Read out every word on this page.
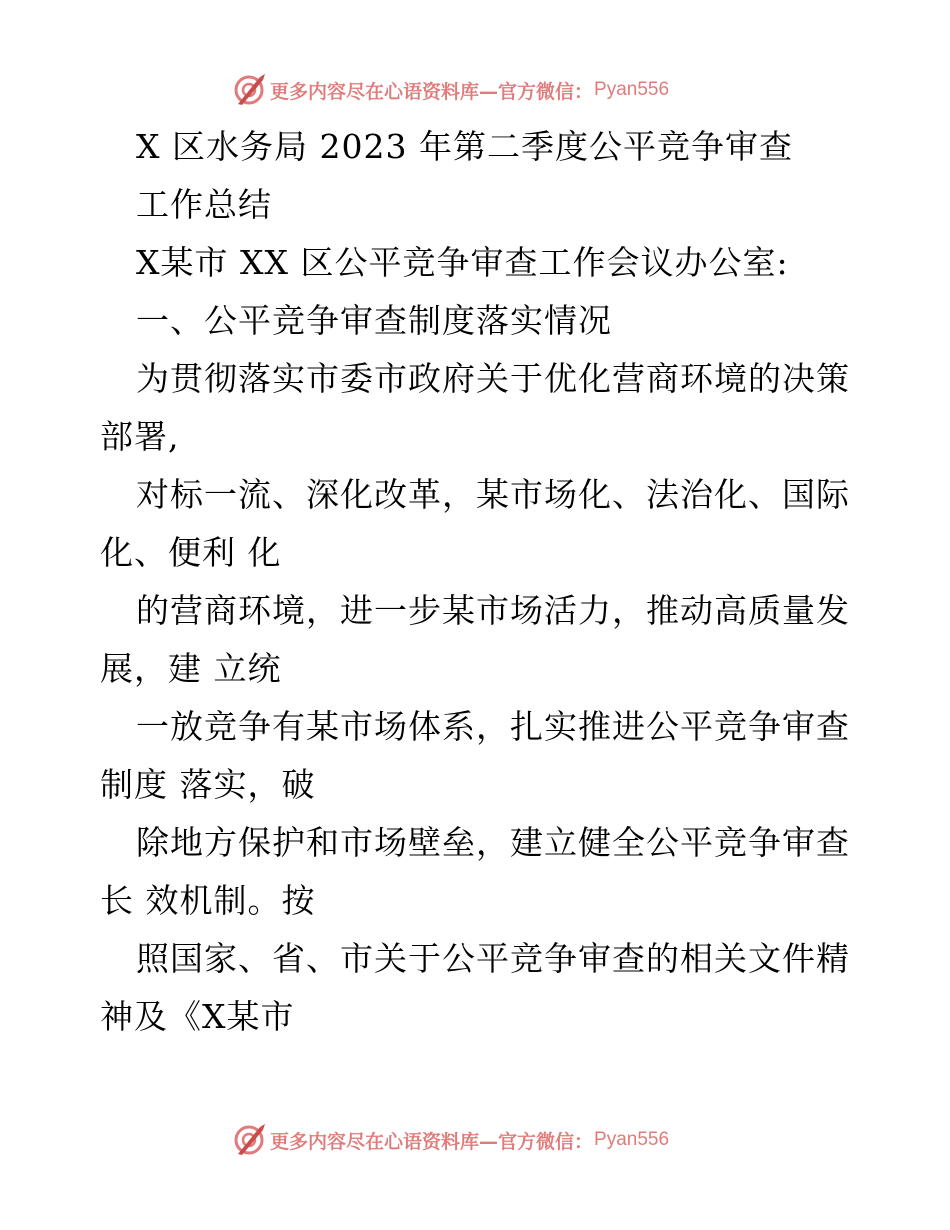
更多内容尽在心语资料库—官方微信： Pyan556
X 区水务局 2023 年第二季度公平竞争审查
工作总结
X某市 XX 区公平竞争审查工作会议办公室:
一、公平竞争审查制度落实情况
为贯彻落实市委市政府关于优化营商环境的决策
部署,
对标一流、深化改革，某市场化、法治化、国际
化、便利 化
的营商环境，进一步某市场活力，推动高质量发
展，建 立统
一放竞争有某市场体系，扎实推进公平竞争审查
制度 落实，破
除地方保护和市场壁垒，建立健全公平竞争审查
长 效机制。按
照国家、省、市关于公平竞争审查的相关文件精
神及《X某市
更多内容尽在心语资料库—官方微信： Pyan556
